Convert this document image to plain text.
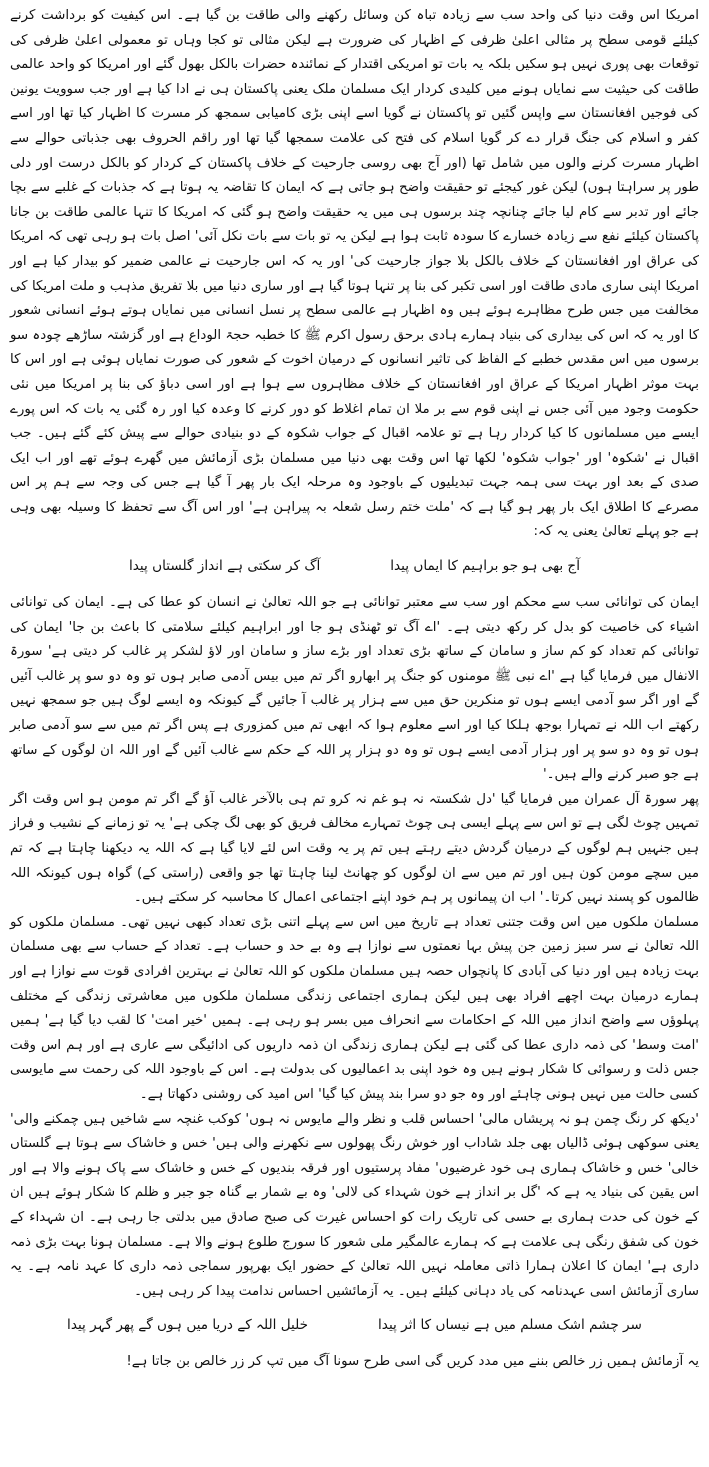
امریکا اس وقت دنیا کی واحد سب سے زیادہ تباہ کن وسائل رکھنے والی طاقت بن گیا ہے۔ اس کیفیت کو برداشت کرنے کیلئے قومی سطح پر مثالی اعلیٰ ظرفی کے اظہار کی ضرورت ہے لیکن مثالی تو کجا وہاں تو معمولی اعلیٰ ظرفی کی توقعات بھی پوری نہیں ہو سکیں بلکہ یہ بات تو امریکی اقتدار کے نمائندہ حضرات بالکل بھول گئے اور امریکا کو واحد عالمی طاقت کی حیثیت سے نمایاں ہونے میں کلیدی کردار ایک مسلمان ملک یعنی پاکستان ہی نے ادا کیا ہے اور جب سوویت یونین کی فوجیں افغانستان سے واپس گئیں تو پاکستان نے گویا اسے اپنی بڑی کامیابی سمجھ کر مسرت کا اظہار کیا تھا اور اسے کفر و اسلام کی جنگ قرار دے کر گویا اسلام کی فتح کی علامت سمجھا گیا تھا اور راقم الحروف بھی جذباتی حوالے سے اظہار مسرت کرنے والوں میں شامل تھا (اور آج بھی روسی جارحیت کے خلاف پاکستان کے کردار کو بالکل درست اور دلی طور پر سراہتا ہوں) لیکن غور کیجئے تو حقیقت واضح ہو جاتی ہے کہ ایمان کا تقاضہ یہ ہوتا ہے کہ جذبات کے غلبے سے بچا جائے اور تدبر سے کام لیا جائے چنانچہ چند برسوں ہی میں یہ حقیقت واضح ہو گئی کہ امریکا کا تنہا عالمی طاقت بن جانا پاکستان کیلئے نفع سے زیادہ خسارے کا سودہ ثابت ہوا ہے لیکن یہ تو بات سے بات نکل آئی' اصل بات ہو رہی تھی کہ امریکا کی عراق اور افغانستان کے خلاف بالکل بلا جواز جارحیت کی' اور یہ کہ اس جارحیت نے عالمی ضمیر کو بیدار کیا ہے اور امریکا اپنی ساری مادی طاقت اور اسی تکبر کی بنا پر تنہا ہوتا گیا ہے اور ساری دنیا میں بلا تفریق مذہب و ملت امریکا کی مخالفت میں جس طرح مظاہرے ہوئے ہیں وہ اظہار ہے عالمی سطح پر نسل انسانی میں نمایاں ہوتے ہوئے انسانی شعور کا اور یہ کہ اس کی بیداری کی بنیاد ہمارے ہادی برحق رسول اکرم ﷺ کا خطبہ حجۃ الوداع ہے اور گزشتہ ساڑھے چودہ سو برسوں میں اس مقدس خطبے کے الفاظ کی تاثیر انسانوں کے درمیان اخوت کے شعور کی صورت نمایاں ہوئی ہے اور اس کا بہت موثر اظہار امریکا کے عراق اور افغانستان کے خلاف مظاہروں سے ہوا ہے اور اسی دباؤ کی بنا پر امریکا میں نئی حکومت وجود میں آئی جس نے اپنی قوم سے بر ملا ان تمام اغلاط کو دور کرنے کا وعدہ کیا اور رہ گئی یہ بات کہ اس پورے ایسے میں مسلمانوں کا کیا کردار رہا ہے تو علامہ اقبال کے جواب شکوہ کے دو بنیادی حوالے سے پیش کئے گئے ہیں۔ جب اقبال نے 'شکوہ' اور 'جواب شکوہ' لکھا تھا اس وقت بھی دنیا میں مسلمان بڑی آزمائش میں گھرے ہوئے تھے اور اب ایک صدی کے بعد اور بہت سی ہمہ جہت تبدیلیوں کے باوجود وہ مرحلہ ایک بار پھر آ گیا ہے جس کی وجہ سے ہم پر اس مصرعے کا اطلاق ایک بار پھر ہو گیا ہے کہ 'ملت ختم رسل شعلہ بہ پیراہن ہے' اور اس آگ سے تحفظ کا وسیلہ بھی وہی ہے جو پہلے تعالیٰ یعنی یہ کہ:

آج بھی ہو جو براہیم کا ایماں پیدا
آگ کر سکتی ہے انداز گلستاں پیدا

ایمان کی توانائی سب سے محکم اور سب سے معتبر توانائی ہے جو اللہ تعالیٰ نے انسان کو عطا کی ہے۔ ایمان کی توانائی اشیاء کی خاصیت کو بدل کر رکھ دیتی ہے۔ 'اے آگ تو ٹھنڈی ہو جا اور ابراہیم کیلئے سلامتی کا باعث بن جا' ایمان کی توانائی کم تعداد کو کم ساز و سامان کے ساتھ بڑی تعداد اور بڑے ساز و سامان اور لاؤ لشکر پر غالب کر دیتی ہے' سورۃ الانفال میں فرمایا گیا ہے 'اے نبی ﷺ مومنوں کو جنگ پر ابھارو اگر تم میں بیس آدمی صابر ہوں تو وہ دو سو پر غالب آئیں گے اور اگر سو آدمی ایسے ہوں تو منکرین حق میں سے ہزار پر غالب آ جائیں گے کیونکہ وہ ایسے لوگ ہیں جو سمجھ نہیں رکھتے اب اللہ نے تمہارا بوجھ ہلکا کیا اور اسے معلوم ہوا کہ ابھی تم میں کمزوری ہے پس اگر تم میں سے سو آدمی صابر ہوں تو وہ دو سو پر اور ہزار آدمی ایسے ہوں تو وہ دو ہزار پر اللہ کے حکم سے غالب آئیں گے اور اللہ ان لوگوں کے ساتھ ہے جو صبر کرنے والے ہیں۔'

پھر سورۃ آل عمران میں فرمایا گیا 'دل شکستہ نہ ہو غم نہ کرو تم ہی بالآخر غالب آؤ گے اگر تم مومن ہو اس وقت اگر تمہیں چوٹ لگی ہے تو اس سے پہلے ایسی ہی چوٹ تمہارے مخالف فریق کو بھی لگ چکی ہے' یہ تو زمانے کے نشیب و فراز ہیں جنہیں ہم لوگوں کے درمیان گردش دیتے رہتے ہیں تم پر یہ وقت اس لئے لایا گیا ہے کہ اللہ یہ دیکھنا چاہتا ہے کہ تم میں سچے مومن کون ہیں اور تم میں سے ان لوگوں کو چھانٹ لینا چاہتا تھا جو واقعی (راستی کے) گواہ ہوں کیونکہ اللہ ظالموں کو پسند نہیں کرتا۔' اب ان پیمانوں پر ہم خود اپنے اجتماعی اعمال کا محاسبہ کر سکتے ہیں۔

مسلمان ملکوں میں اس وقت جتنی تعداد ہے تاریخ میں اس سے پہلے اتنی بڑی تعداد کبھی نہیں تھی۔ مسلمان ملکوں کو اللہ تعالیٰ نے سر سبز زمین جن پیش بہا نعمتوں سے نوازا ہے وہ بے حد و حساب ہے۔ تعداد کے حساب سے بھی مسلمان بہت زیادہ ہیں اور دنیا کی آبادی کا پانچواں حصہ ہیں مسلمان ملکوں کو اللہ تعالیٰ نے بہترین افرادی قوت سے نوازا ہے اور ہمارے درمیان بہت اچھے افراد بھی ہیں لیکن ہماری اجتماعی زندگی مسلمان ملکوں میں معاشرتی زندگی کے مختلف پہلوؤں سے واضح انداز میں اللہ کے احکامات سے انحراف میں بسر ہو رہی ہے۔ ہمیں 'خیر امت' کا لقب دیا گیا ہے' ہمیں 'امت وسط' کی ذمہ داری عطا کی گئی ہے لیکن ہماری زندگی ان ذمہ داریوں کی ادائیگی سے عاری ہے اور ہم اس وقت جس ذلت و رسوائی کا شکار ہونے ہیں وہ خود اپنی بد اعمالیوں کی بدولت ہے۔ اس کے باوجود اللہ کی رحمت سے مایوسی کسی حالت میں نہیں ہونی چاہئے اور وہ جو دو سرا بند پیش کیا گیا' اس امید کی روشنی دکھاتا ہے۔

'دیکھ کر رنگ چمن ہو نہ پریشاں مالی' احساس قلب و نظر والے مایوس نہ ہوں' کوکب غنچہ سے شاخیں ہیں چمکنے والی' یعنی سوکھی ہوئی ڈالیاں بھی جلد شاداب اور خوش رنگ پھولوں سے نکھرنے والی ہیں' خس و خاشاک سے ہوتا ہے گلستاں خالی' خس و خاشاک ہماری ہی خود غرضیوں' مفاد پرستیوں اور فرقہ بندیوں کے خس و خاشاک سے پاک ہونے والا ہے اور اس یقین کی بنیاد یہ ہے کہ 'گل بر انداز ہے خون شہداء کی لالی' وہ بے شمار بے گناہ جو جبر و ظلم کا شکار ہوئے ہیں ان کے خون کی حدت ہماری بے حسی کی تاریک رات کو احساس غیرت کی صبح صادق میں بدلتی جا رہی ہے۔ ان شہداء کے خون کی شفق رنگی ہی علامت ہے کہ ہمارے عالمگیر ملی شعور کا سورج طلوع ہونے والا ہے۔ مسلمان ہونا بہت بڑی ذمہ داری ہے' ایمان کا اعلان ہمارا ذاتی معاملہ نہیں اللہ تعالیٰ کے حضور ایک بھرپور سماجی ذمہ داری کا عہد نامہ ہے۔ یہ ساری آزمائش اسی عہدنامہ کی یاد دہانی کیلئے ہیں۔ یہ آزمائشیں احساس ندامت پیدا کر رہی ہیں۔

سر چشم اشک مسلم میں ہے نیساں کا اثر پیدا
خلیل اللہ کے دریا میں ہوں گے پھر گہر پیدا

یہ آزمائش ہمیں زر خالص بننے میں مدد کریں گی اسی طرح سونا آگ میں تپ کر زر خالص بن جاتا ہے!
